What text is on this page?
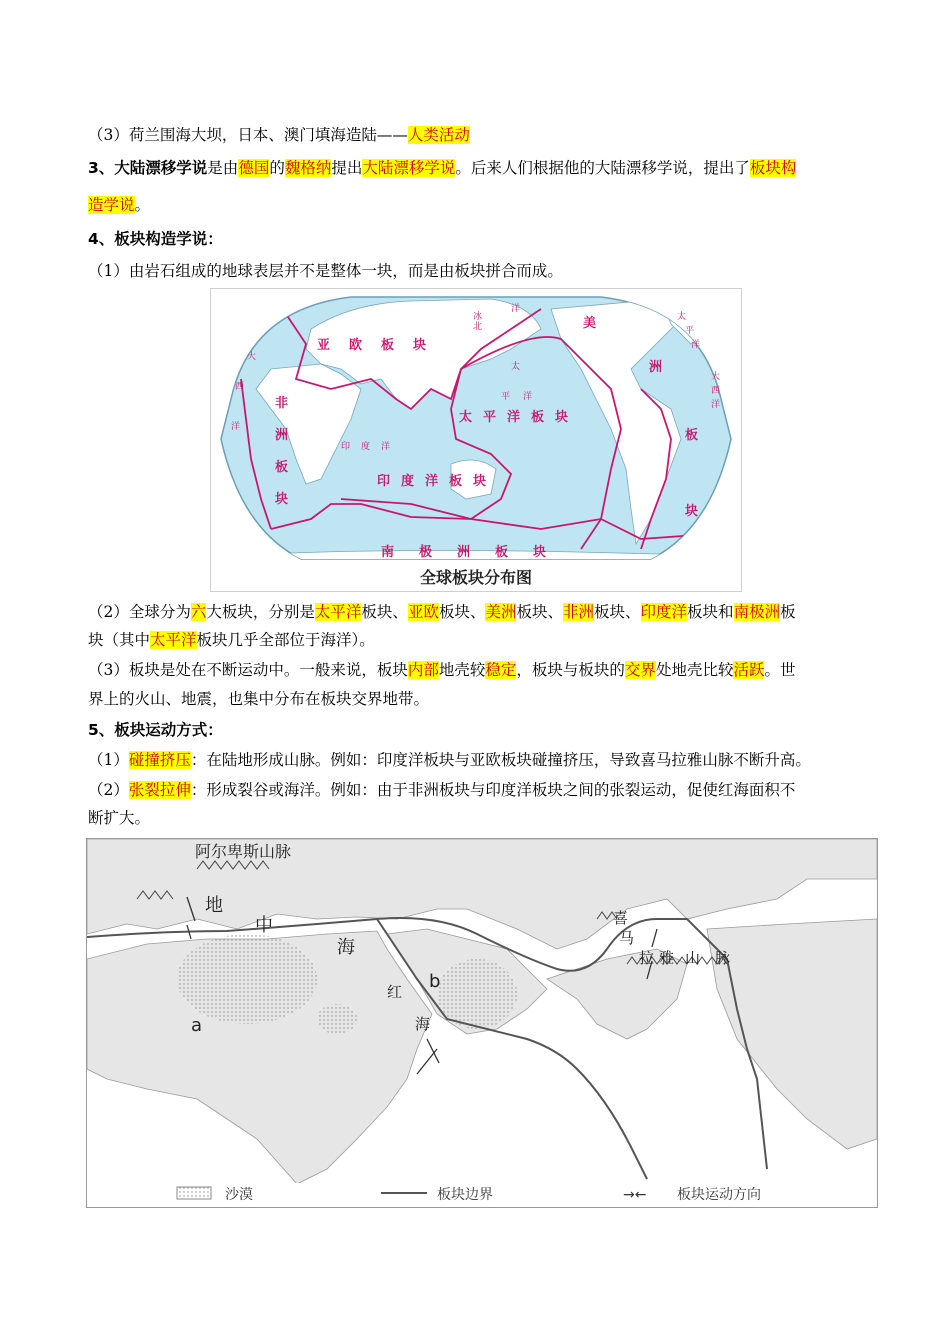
（3）荷兰围海大坝，日本、澳门填海造陆——人类活动
3、大陆漂移学说是由德国的魏格纳提出大陆漂移学说。后来人们根据他的大陆漂移学说，提出了板块构
造学说。
4、板块构造学说：
（1）由岩石组成的地球表层并不是整体一块，而是由板块拼合而成。
亚 欧 板 块
非
洲
板
块
太 平 洋 板 块
印 度 洋 板 块
南 极 洲 板 块
美
洲
板
块
北
冰
洋
大
西
洋
印 度 洋
太
平 洋
太
平
洋
大
西
洋
全球板块分布图
（2）全球分为六大板块，分别是太平洋板块、亚欧板块、美洲板块、非洲板块、印度洋板块和南极洲板
块（其中太平洋板块几乎全部位于海洋）。
（3）板块是处在不断运动中。一般来说，板块内部地壳较稳定，板块与板块的交界处地壳比较活跃。世
界上的火山、地震，也集中分布在板块交界地带。
5、板块运动方式：
（1）碰撞挤压：在陆地形成山脉。例如：印度洋板块与亚欧板块碰撞挤压，导致喜马拉雅山脉不断升高。
（2）张裂拉伸：形成裂谷或海洋。例如：由于非洲板块与印度洋板块之间的张裂运动，促使红海面积不
断扩大。
阿尔卑斯山脉
地
中
海
红
海
喜
马
拉 雅 山 脉
a
b
沙漠	板块边界	→← 板块运动方向
